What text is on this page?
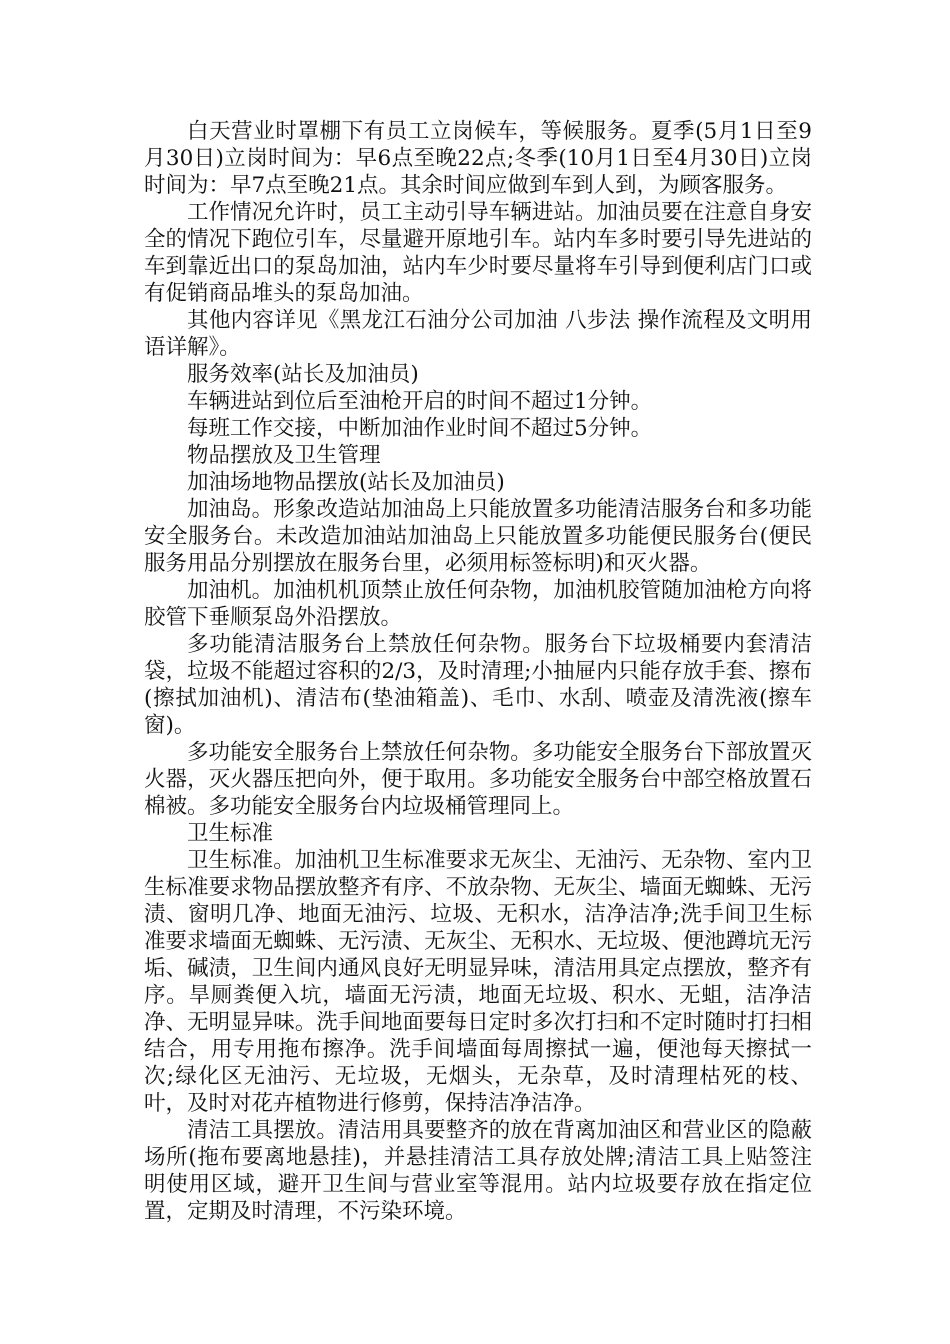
白天营业时罩棚下有员工立岗候车，等候服务。夏季(5月1日至9月30日)立岗时间为：早6点至晚22点;冬季(10月1日至4月30日)立岗时间为：早7点至晚21点。其余时间应做到车到人到，为顾客服务。

工作情况允许时，员工主动引导车辆进站。加油员要在注意自身安全的情况下跑位引车，尽量避开原地引车。站内车多时要引导先进站的车到靠近出口的泵岛加油，站内车少时要尽量将车引导到便利店门口或有促销商品堆头的泵岛加油。

其他内容详见《黑龙江石油分公司加油 八步法 操作流程及文明用语详解》。

服务效率(站长及加油员)

车辆进站到位后至油枪开启的时间不超过1分钟。

每班工作交接，中断加油作业时间不超过5分钟。

物品摆放及卫生管理

加油场地物品摆放(站长及加油员)

加油岛。形象改造站加油岛上只能放置多功能清洁服务台和多功能安全服务台。未改造加油站加油岛上只能放置多功能便民服务台(便民服务用品分别摆放在服务台里，必须用标签标明)和灭火器。

加油机。加油机机顶禁止放任何杂物，加油机胶管随加油枪方向将胶管下垂顺泵岛外沿摆放。

多功能清洁服务台上禁放任何杂物。服务台下垃圾桶要内套清洁袋，垃圾不能超过容积的2/3，及时清理;小抽屉内只能存放手套、擦布(擦拭加油机)、清洁布(垫油箱盖)、毛巾、水刮、喷壶及清洗液(擦车窗)。

多功能安全服务台上禁放任何杂物。多功能安全服务台下部放置灭火器，灭火器压把向外，便于取用。多功能安全服务台中部空格放置石棉被。多功能安全服务台内垃圾桶管理同上。

卫生标准

卫生标准。加油机卫生标准要求无灰尘、无油污、无杂物、室内卫生标准要求物品摆放整齐有序、不放杂物、无灰尘、墙面无蜘蛛、无污渍、窗明几净、地面无油污、垃圾、无积水，洁净洁净;洗手间卫生标准要求墙面无蜘蛛、无污渍、无灰尘、无积水、无垃圾、便池蹲坑无污垢、碱渍，卫生间内通风良好无明显异味，清洁用具定点摆放，整齐有序。旱厕粪便入坑，墙面无污渍，地面无垃圾、积水、无蛆，洁净洁净、无明显异味。洗手间地面要每日定时多次打扫和不定时随时打扫相结合，用专用拖布擦净。洗手间墙面每周擦拭一遍，便池每天擦拭一次;绿化区无油污、无垃圾，无烟头，无杂草，及时清理枯死的枝、叶，及时对花卉植物进行修剪，保持洁净洁净。

清洁工具摆放。清洁用具要整齐的放在背离加油区和营业区的隐蔽场所(拖布要离地悬挂)，并悬挂清洁工具存放处牌;清洁工具上贴签注明使用区域，避开卫生间与营业室等混用。站内垃圾要存放在指定位置，定期及时清理，不污染环境。
